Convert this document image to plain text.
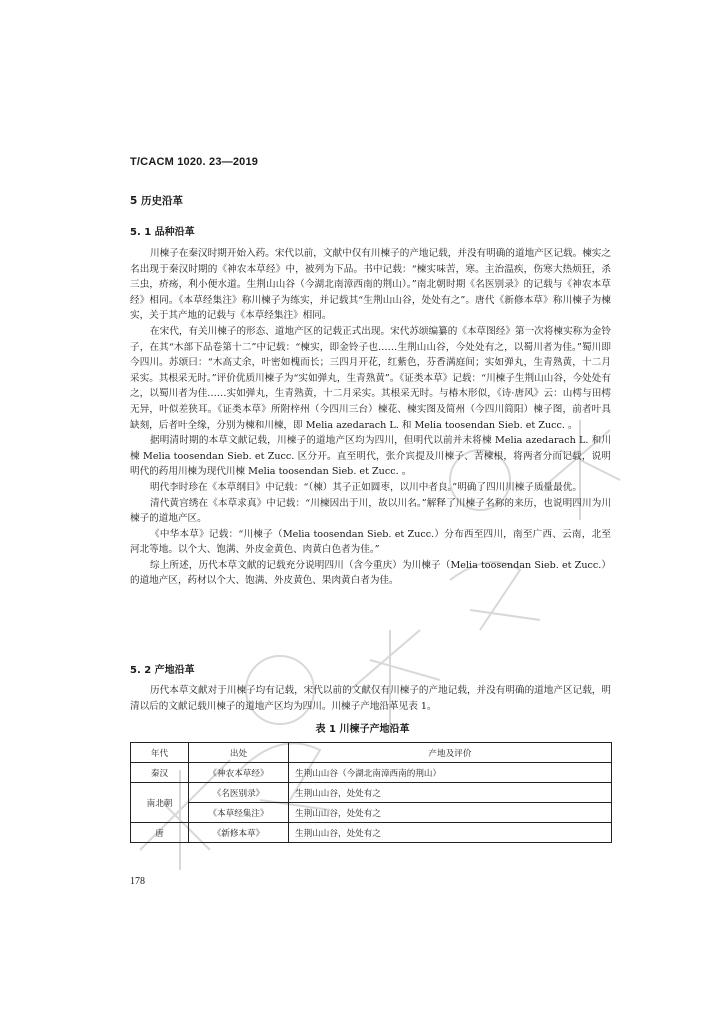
T/CACM 1020. 23—2019
5 历史沿革
5. 1 品种沿革

川楝子在秦汉时期开始入药。宋代以前，文献中仅有川楝子的产地记载，并没有明确的道地产区记载。楝实之名出现于秦汉时期的《神农本草经》中，被列为下品。书中记载：“楝实味苦，寒。主治温疾，伤寒大热烦狂，杀三虫，疥疡，利小便水道。生荆山山谷（今湖北南漳西南的荆山）。”南北朝时期《名医别录》的记载与《神农本草经》相同。《本草经集注》称川楝子为练实，并记载其“生荆山山谷，处处有之”。唐代《新修本草》称川楝子为楝实，关于其产地的记载与《本草经集注》相同。

在宋代，有关川楝子的形态、道地产区的记载正式出现。宋代苏颂编纂的《本草图经》第一次将楝实称为金铃子，在其“木部下品卷第十二”中记载：“楝实，即金铃子也……生荆山山谷，今处处有之，以蜀川者为佳。”蜀川即今四川。苏颂曰：“木高丈余，叶密如槐而长；三四月开花，红紫色，芬香满庭间；实如弹丸，生青熟黄，十二月采实。其根采无时。”评价优质川楝子为“实如弹丸，生青熟黄”。《证类本草》记载：“川楝子生荆山山谷，今处处有之，以蜀川者为佳……实如弹丸，生青熟黄，十二月采实。其根采无时。与椿木形似，《诗·唐风》云：山樗与田樗无异，叶似差狭耳。《证类本草》所附梓州（今四川三台）楝花、楝实图及简州（今四川简阳）楝子图，前者叶具缺刻，后者叶全缘，分别为楝和川楝，即 Melia azedarach L. 和 Melia toosendan Sieb. et Zucc. 。

据明清时期的本草文献记载，川楝子的道地产区均为四川，但明代以前并未将楝 Melia azedarach L. 和川楝 Melia toosendan Sieb. et Zucc. 区分开。直至明代，张介宾提及川楝子、苦楝根，将两者分而记载，说明明代的药用川楝为现代川楝 Melia toosendan Sieb. et Zucc. 。

明代李时珍在《本草纲目》中记载：“（楝）其子正如圆枣，以川中者良。”明确了四川川楝子质量最优。

清代黄宫绣在《本草求真》中记载：“川楝因出于川，故以川名。”解释了川楝子名称的来历，也说明四川为川楝子的道地产区。

《中华本草》记载：“川楝子（Melia toosendan Sieb. et Zucc.）分布西至四川，南至广西、云南，北至河北等地。以个大、饱满、外皮金黄色、肉黄白色者为佳。”

综上所述，历代本草文献的记载充分说明四川（含今重庆）为川楝子（Melia toosendan Sieb. et Zucc.）的道地产区，药材以个大、饱满、外皮黄色、果肉黄白者为佳。

5. 2 产地沿革

历代本草文献对于川楝子均有记载，宋代以前的文献仅有川楝子的产地记载，并没有明确的道地产区记载，明清以后的文献记载川楝子的道地产区均为四川。川楝子产地沿革见表 1。

表 1 川楝子产地沿革
年代	出处	产地及评价
秦汉	《神农本草经》	生荆山山谷（今湖北南漳西南的荆山）
南北朝	《名医别录》	生荆山山谷，处处有之
	《本草经集注》	生荆山山谷，处处有之
唐	《新修本草》	生荆山山谷，处处有之
178
